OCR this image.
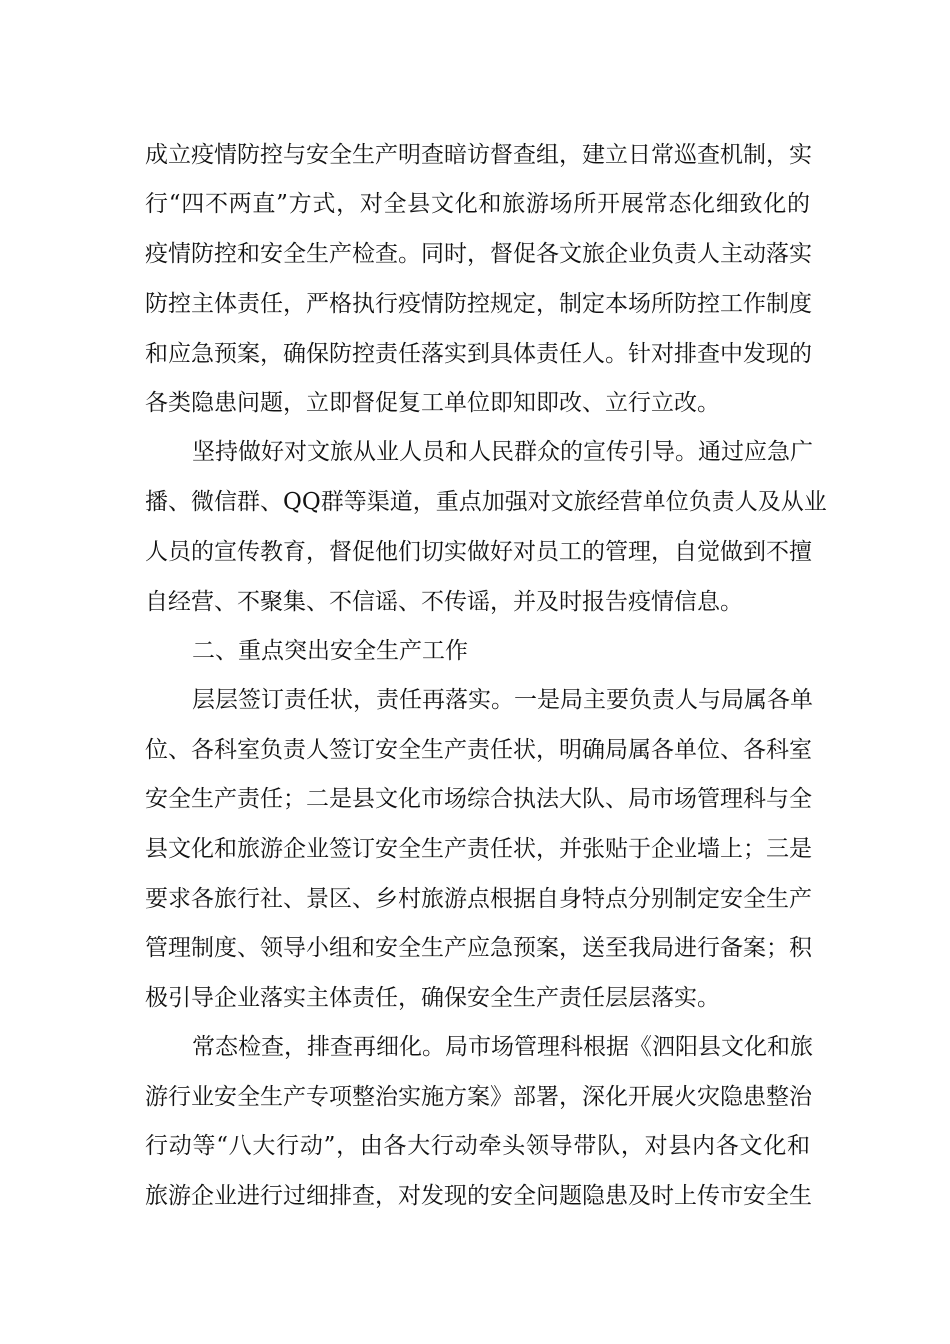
成立疫情防控与安全生产明查暗访督查组，建立日常巡查机制，实
行“四不两直”方式，对全县文化和旅游场所开展常态化细致化的
疫情防控和安全生产检查。同时，督促各文旅企业负责人主动落实
防控主体责任，严格执行疫情防控规定，制定本场所防控工作制度
和应急预案，确保防控责任落实到具体责任人。针对排查中发现的
各类隐患问题，立即督促复工单位即知即改、立行立改。
坚持做好对文旅从业人员和人民群众的宣传引导。通过应急广
播、微信群、QQ群等渠道，重点加强对文旅经营单位负责人及从业
人员的宣传教育，督促他们切实做好对员工的管理，自觉做到不擅
自经营、不聚集、不信谣、不传谣，并及时报告疫情信息。
二、重点突出安全生产工作
层层签订责任状，责任再落实。一是局主要负责人与局属各单
位、各科室负责人签订安全生产责任状，明确局属各单位、各科室
安全生产责任；二是县文化市场综合执法大队、局市场管理科与全
县文化和旅游企业签订安全生产责任状，并张贴于企业墙上；三是
要求各旅行社、景区、乡村旅游点根据自身特点分别制定安全生产
管理制度、领导小组和安全生产应急预案，送至我局进行备案；积
极引导企业落实主体责任，确保安全生产责任层层落实。
常态检查，排查再细化。局市场管理科根据《泗阳县文化和旅
游行业安全生产专项整治实施方案》部署，深化开展火灾隐患整治
行动等“八大行动”，由各大行动牵头领导带队，对县内各文化和
旅游企业进行过细排查，对发现的安全问题隐患及时上传市安全生
